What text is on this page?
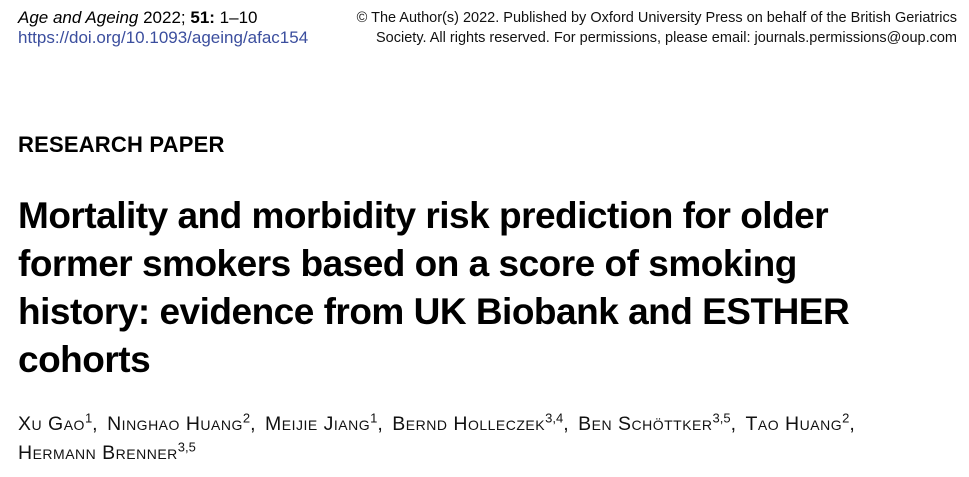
Age and Ageing 2022; 51: 1–10
https://doi.org/10.1093/ageing/afac154
© The Author(s) 2022. Published by Oxford University Press on behalf of the British Geriatrics
Society. All rights reserved. For permissions, please email: journals.permissions@oup.com
RESEARCH PAPER
Mortality and morbidity risk prediction for older
former smokers based on a score of smoking
history: evidence from UK Biobank and ESTHER
cohorts
Xu Gao$^1$, Ninghao Huang$^2$, Meijie Jiang$^1$, Bernd Holleczek$^{3,4}$, Ben Schöttker$^{3,5}$, Tao Huang$^2$,
Hermann Brenner$^{3,5}$
